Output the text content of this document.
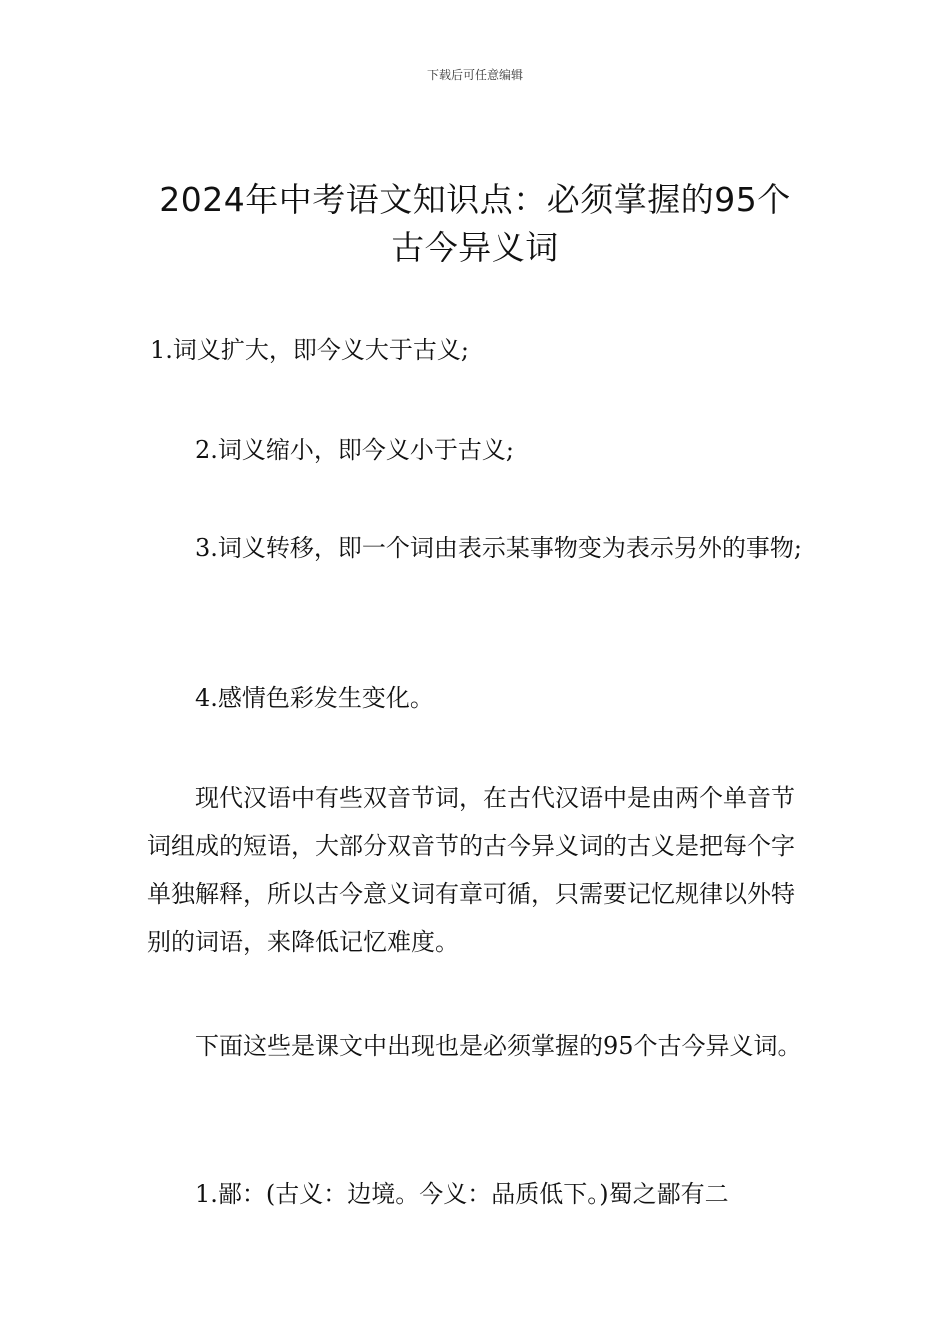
下载后可任意编辑
2024年中考语文知识点：必须掌握的95个
古今异义词

1.词义扩大，即今义大于古义;

2.词义缩小，即今义小于古义;

3.词义转移，即一个词由表示某事物变为表示另外的事物;

4.感情色彩发生变化。

现代汉语中有些双音节词，在古代汉语中是由两个单音节词组成的短语，大部分双音节的古今异义词的古义是把每个字单独解释，所以古今意义词有章可循，只需要记忆规律以外特别的词语，来降低记忆难度。

下面这些是课文中出现也是必须掌握的95个古今异义词。

1.鄙：(古义：边境。今义：品质低下。)蜀之鄙有二
